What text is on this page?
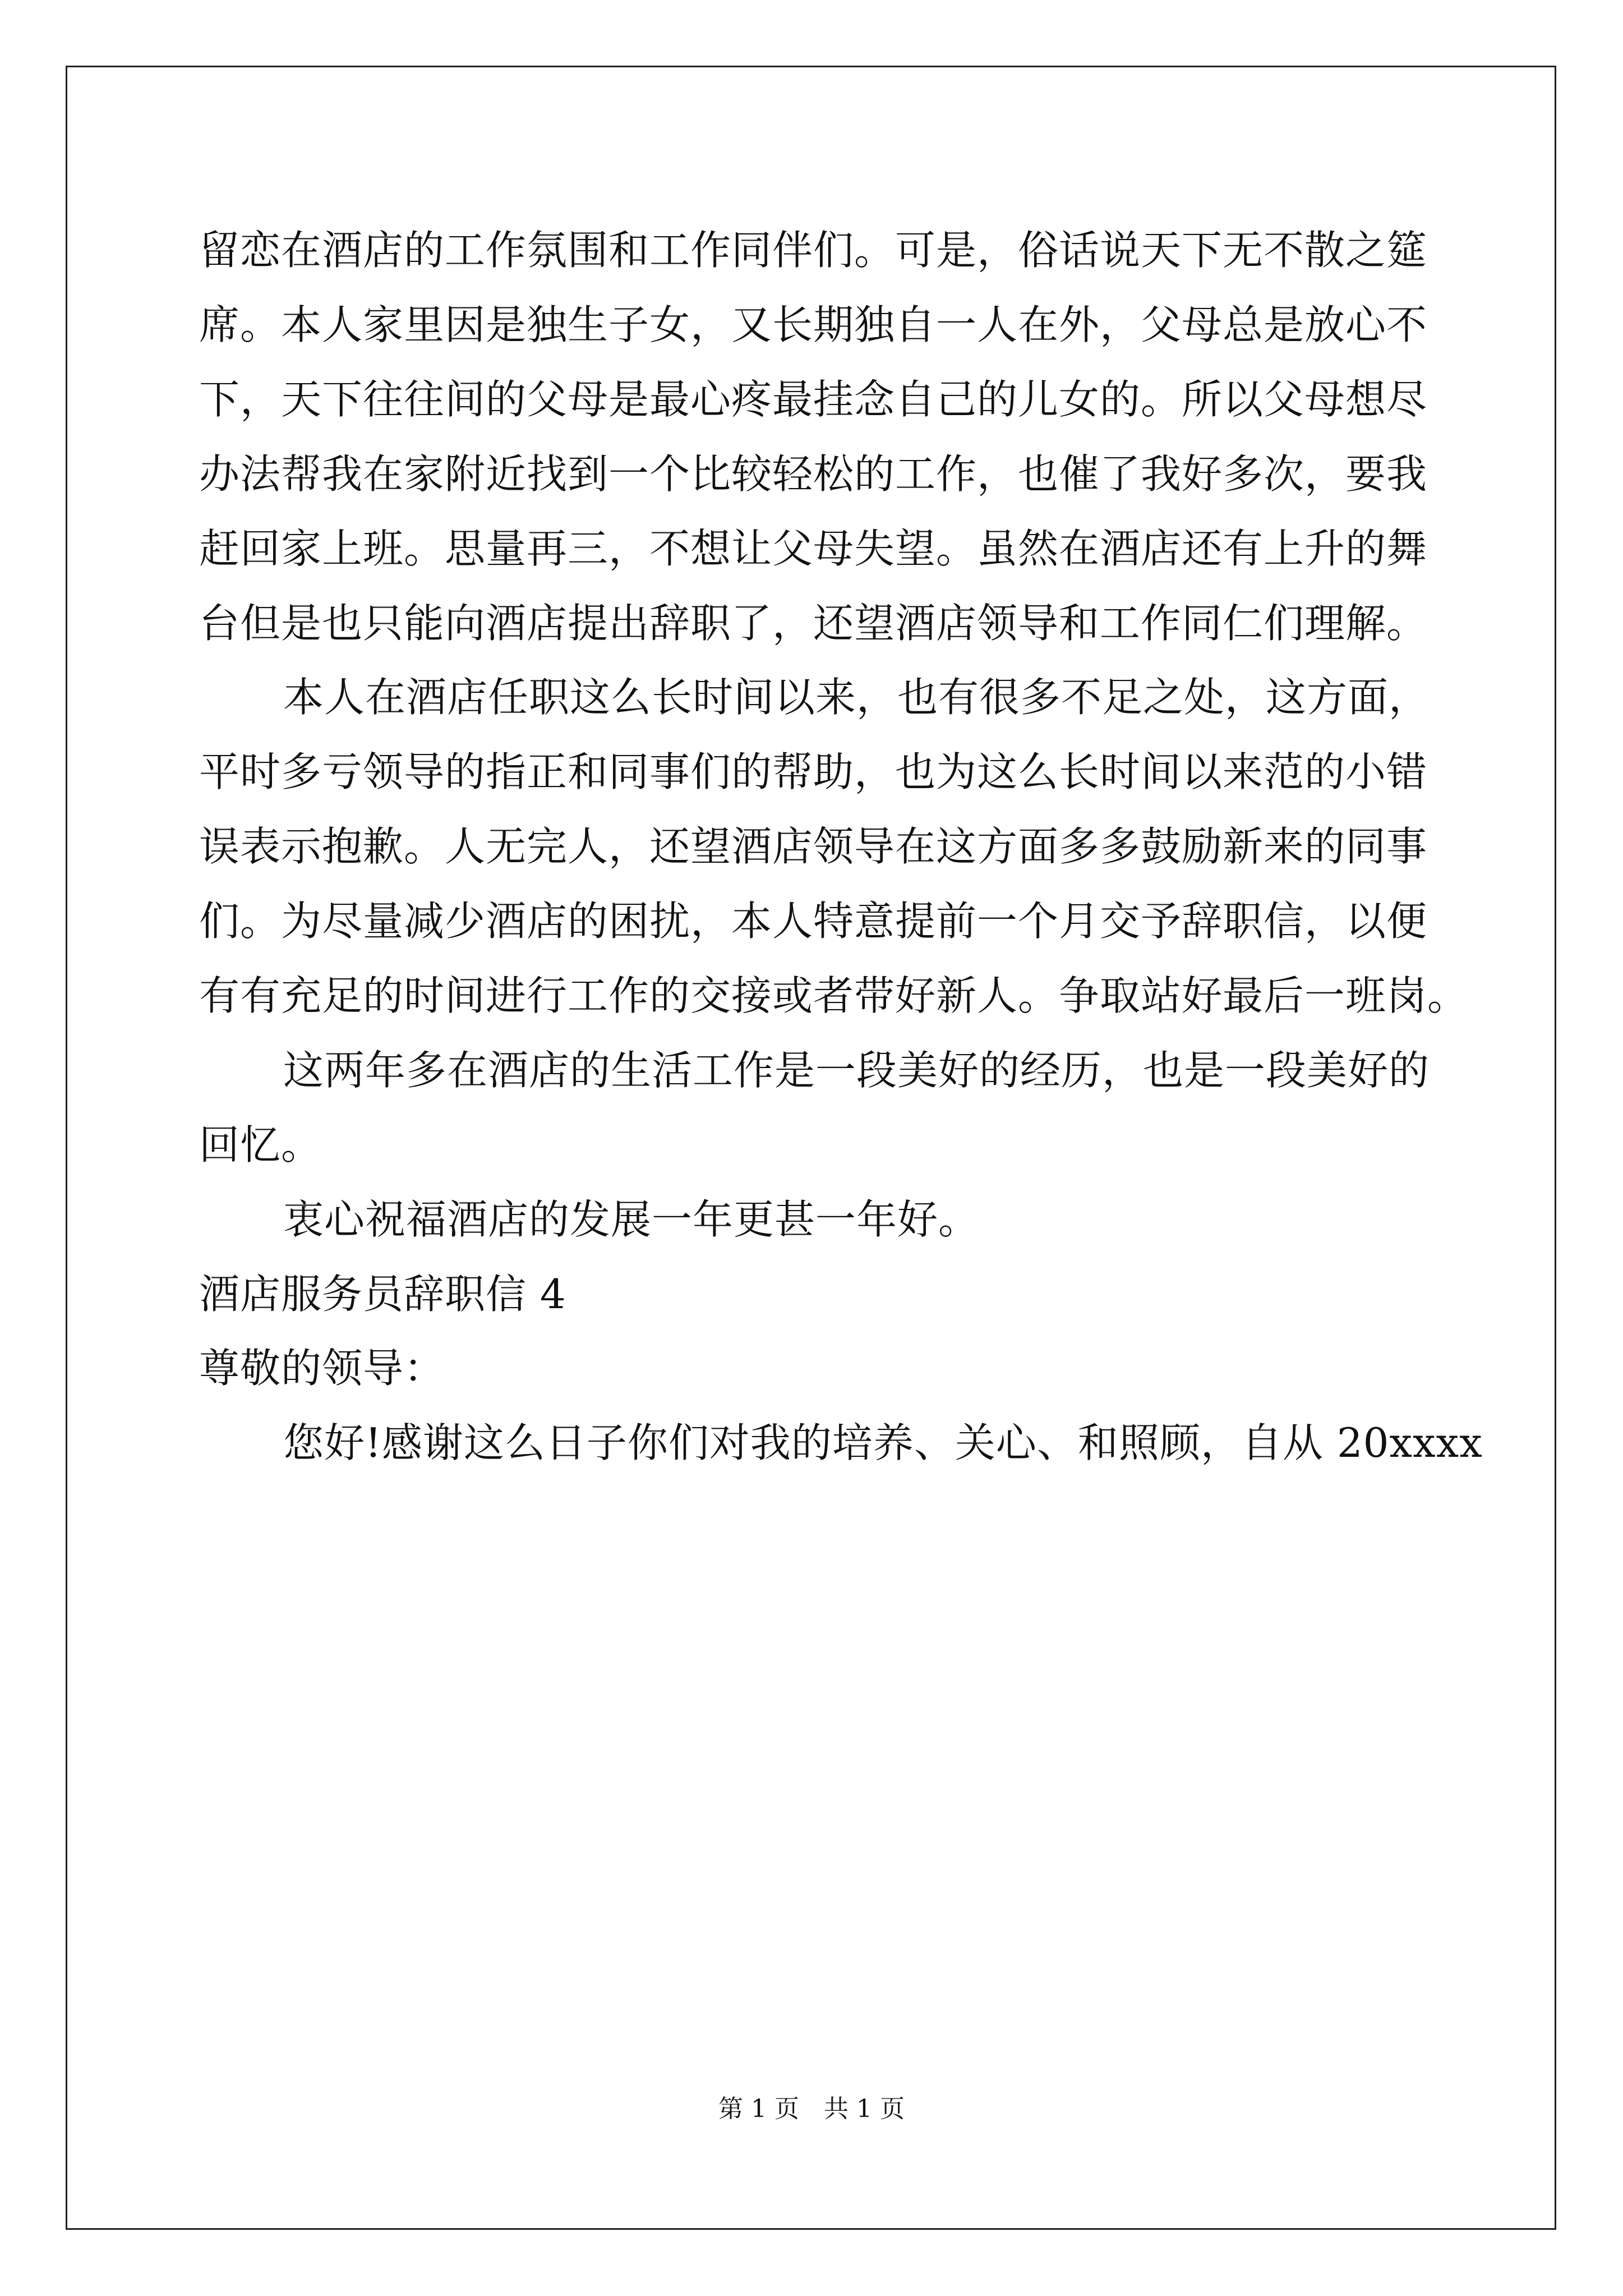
留恋在酒店的工作氛围和工作同伴们。可是，俗话说天下无不散之筵
席。本人家里因是独生子女，又长期独自一人在外，父母总是放心不
下，天下往往间的父母是最心疼最挂念自己的儿女的。所以父母想尽
办法帮我在家附近找到一个比较轻松的工作，也催了我好多次，要我
赶回家上班。思量再三，不想让父母失望。虽然在酒店还有上升的舞
台但是也只能向酒店提出辞职了，还望酒店领导和工作同仁们理解。
本人在酒店任职这么长时间以来，也有很多不足之处，这方面，
平时多亏领导的指正和同事们的帮助，也为这么长时间以来范的小错
误表示抱歉。人无完人，还望酒店领导在这方面多多鼓励新来的同事
们。为尽量减少酒店的困扰，本人特意提前一个月交予辞职信，以便
有有充足的时间进行工作的交接或者带好新人。争取站好最后一班岗。
这两年多在酒店的生活工作是一段美好的经历，也是一段美好的
回忆。
衷心祝福酒店的发展一年更甚一年好。
酒店服务员辞职信 4
尊敬的领导：
您好!感谢这么日子你们对我的培养、关心、和照顾，自从 20xxxx
第 1 页　共 1 页
